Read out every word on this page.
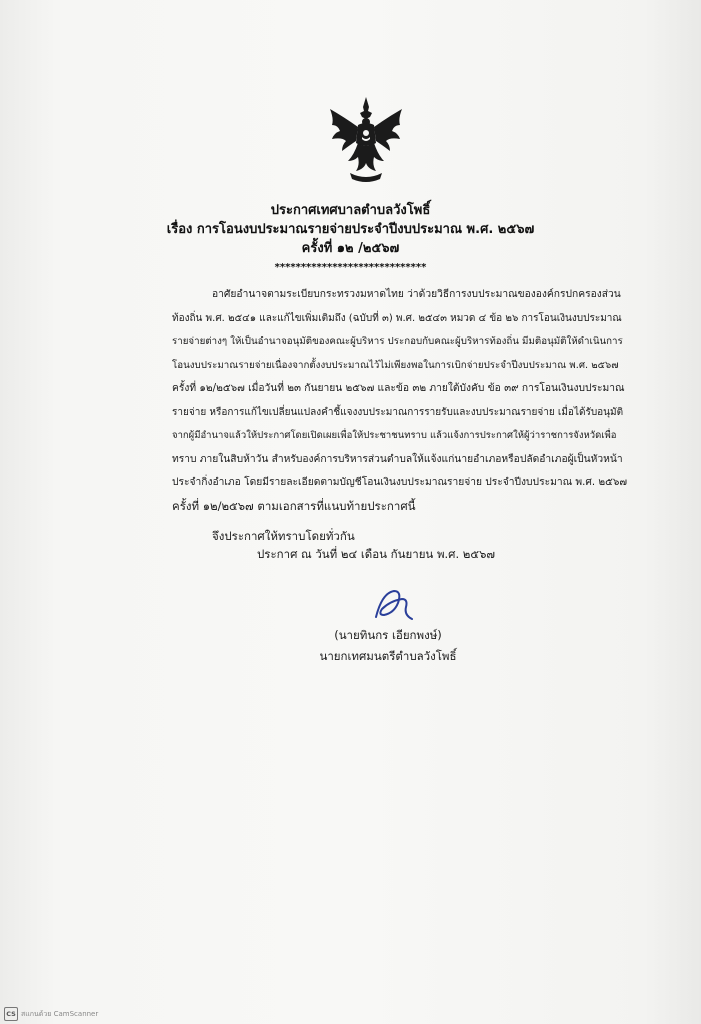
ประกาศเทศบาลตำบลวังโพธิ์
เรื่อง การโอนงบประมาณรายจ่ายประจำปีงบประมาณ พ.ศ. ๒๕๖๗
ครั้งที่ ๑๒ /๒๕๖๗
*****************************
อาศัยอำนาจตามระเบียบกระทรวงมหาดไทย ว่าด้วยวิธีการงบประมาณขององค์กรปกครองส่วน
ท้องถิ่น พ.ศ. ๒๕๔๑ และแก้ไขเพิ่มเติมถึง (ฉบับที่ ๓) พ.ศ. ๒๕๔๓ หมวด ๔ ข้อ ๒๖ การโอนเงินงบประมาณ
รายจ่ายต่างๆ ให้เป็นอำนาจอนุมัติของคณะผู้บริหาร ประกอบกับคณะผู้บริหารท้องถิ่น มีมติอนุมัติให้ดำเนินการ
โอนงบประมาณรายจ่ายเนื่องจากตั้งงบประมาณไว้ไม่เพียงพอในการเบิกจ่ายประจำปีงบประมาณ พ.ศ. ๒๕๖๗
ครั้งที่ ๑๒/๒๕๖๗ เมื่อวันที่ ๒๓ กันยายน ๒๕๖๗ และข้อ ๓๒ ภายใต้บังคับ ข้อ ๓๙ การโอนเงินงบประมาณ
รายจ่าย หรือการแก้ไขเปลี่ยนแปลงคำชี้แจงงบประมาณการรายรับและงบประมาณรายจ่าย เมื่อได้รับอนุมัติ
จากผู้มีอำนาจแล้วให้ประกาศโดยเปิดเผยเพื่อให้ประชาชนทราบ แล้วแจ้งการประกาศให้ผู้ว่าราชการจังหวัดเพื่อ
ทราบ ภายในสิบห้าวัน สำหรับองค์การบริหารส่วนตำบลให้แจ้งแก่นายอำเภอหรือปลัดอำเภอผู้เป็นหัวหน้า
ประจำกิ่งอำเภอ โดยมีรายละเอียดตามบัญชีโอนเงินงบประมาณรายจ่าย ประจำปีงบประมาณ พ.ศ. ๒๕๖๗
ครั้งที่ ๑๒/๒๕๖๗ ตามเอกสารที่แนบท้ายประกาศนี้
จึงประกาศให้ทราบโดยทั่วกัน
ประกาศ ณ วันที่ ๒๔ เดือน กันยายน พ.ศ. ๒๕๖๗
(นายทินกร เอียกพงษ์)
นายกเทศมนตรีตำบลวังโพธิ์
CS สแกนด้วย CamScanner
